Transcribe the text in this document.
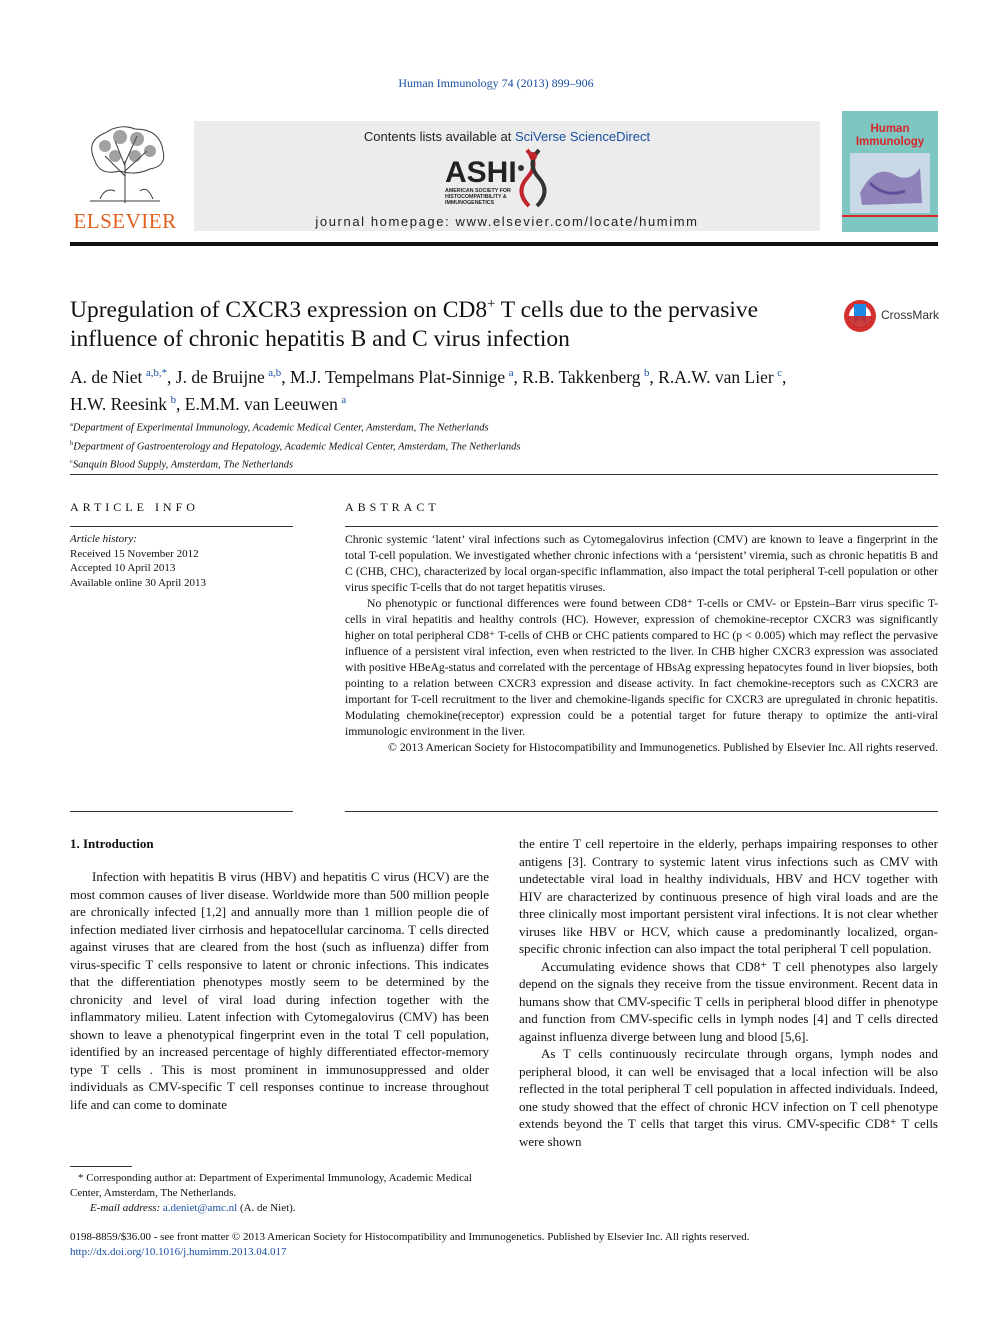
Human Immunology 74 (2013) 899–906
ELSEVIER
Contents lists available at SciVerse ScienceDirect
ASHI
AMERICAN SOCIETY FOR
HISTOCOMPATIBILITY &
IMMUNOGENETICS
journal homepage: www.elsevier.com/locate/humimm
Human
Immunology
Upregulation of CXCR3 expression on CD8+ T cells due to the pervasive influence of chronic hepatitis B and C virus infection
CrossMark
A. de Niet  $^{a,b,*}$, J. de Bruijne  $^{a,b}$, M.J. Tempelmans Plat-Sinnige  $^a$, R.B. Takkenberg  $^b$, R.A.W. van Lier  $^c$,
H.W. Reesink  $^b$, E.M.M. van Leeuwen  $^a$
$^a$Department of Experimental Immunology, Academic Medical Center, Amsterdam, The Netherlands
$^b$Department of Gastroenterology and Hepatology, Academic Medical Center, Amsterdam, The Netherlands
$^c$Sanquin Blood Supply, Amsterdam, The Netherlands
ARTICLE INFO
Article history:
Received 15 November 2012
Accepted 10 April 2013
Available online 30 April 2013
ABSTRACT

Chronic systemic ‘latent’ viral infections such as Cytomegalovirus infection (CMV) are known to leave a fingerprint in the total T-cell population. We investigated whether chronic infections with a ‘persistent’ viremia, such as chronic hepatitis B and C (CHB, CHC), characterized by local organ-specific inflammation, also impact the total peripheral T-cell population or other virus specific T-cells that do not target hepatitis viruses.

No phenotypic or functional differences were found between CD8⁺ T-cells or CMV- or Epstein–Barr virus specific T-cells in viral hepatitis and healthy controls (HC). However, expression of chemokine-receptor CXCR3 was significantly higher on total peripheral CD8⁺ T-cells of CHB or CHC patients compared to HC (p < 0.005) which may reflect the pervasive influence of a persistent viral infection, even when restricted to the liver. In CHB higher CXCR3 expression was associated with positive HBeAg-status and correlated with the percentage of HBsAg expressing hepatocytes found in liver biopsies, both pointing to a relation between CXCR3 expression and disease activity. In fact chemokine-receptors such as CXCR3 are important for T-cell recruitment to the liver and chemokine-ligands specific for CXCR3 are upregulated in chronic hepatitis. Modulating chemokine(receptor) expression could be a potential target for future therapy to optimize the anti-viral immunologic environment in the liver.

© 2013 American Society for Histocompatibility and Immunogenetics. Published by Elsevier Inc. All rights reserved.

1. Introduction

Infection with hepatitis B virus (HBV) and hepatitis C virus (HCV) are the most common causes of liver disease. Worldwide more than 500 million people are chronically infected [1,2] and annually more than 1 million people die of infection mediated liver cirrhosis and hepatocellular carcinoma. T cells directed against viruses that are cleared from the host (such as influenza) differ from virus-specific T cells responsive to latent or chronic infections. This indicates that the differentiation phenotypes mostly seem to be determined by the chronicity and level of viral load during infection together with the inflammatory milieu. Latent infection with Cytomegalovirus (CMV) has been shown to leave a phenotypical fingerprint even in the total T cell population, identified by an increased percentage of highly differentiated effector-memory type T cells . This is most prominent in immunosuppressed and older individuals as CMV-specific T cell responses continue to increase throughout life and can come to dominate

the entire T cell repertoire in the elderly, perhaps impairing responses to other antigens [3]. Contrary to systemic latent virus infections such as CMV with undetectable viral load in healthy individuals, HBV and HCV together with HIV are characterized by continuous presence of high viral loads and are the three clinically most important persistent viral infections. It is not clear whether viruses like HBV or HCV, which cause a predominantly localized, organ-specific chronic infection can also impact the total peripheral T cell population.

Accumulating evidence shows that CD8⁺ T cell phenotypes also largely depend on the signals they receive from the tissue environment. Recent data in humans show that CMV-specific T cells in peripheral blood differ in phenotype and function from CMV-specific cells in lymph nodes [4] and T cells directed against influenza diverge between lung and blood [5,6].

As T cells continuously recirculate through organs, lymph nodes and peripheral blood, it can well be envisaged that a local infection will be also reflected in the total peripheral T cell population in affected individuals. Indeed, one study showed that the effect of chronic HCV infection on T cell phenotype extends beyond the T cells that target this virus. CMV-specific CD8⁺ T cells were shown

* Corresponding author at: Department of Experimental Immunology, Academic Medical Center, Amsterdam, The Netherlands.
E-mail address: a.deniet@amc.nl (A. de Niet).
0198-8859/$36.00 - see front matter © 2013 American Society for Histocompatibility and Immunogenetics. Published by Elsevier Inc. All rights reserved.
http://dx.doi.org/10.1016/j.humimm.2013.04.017
